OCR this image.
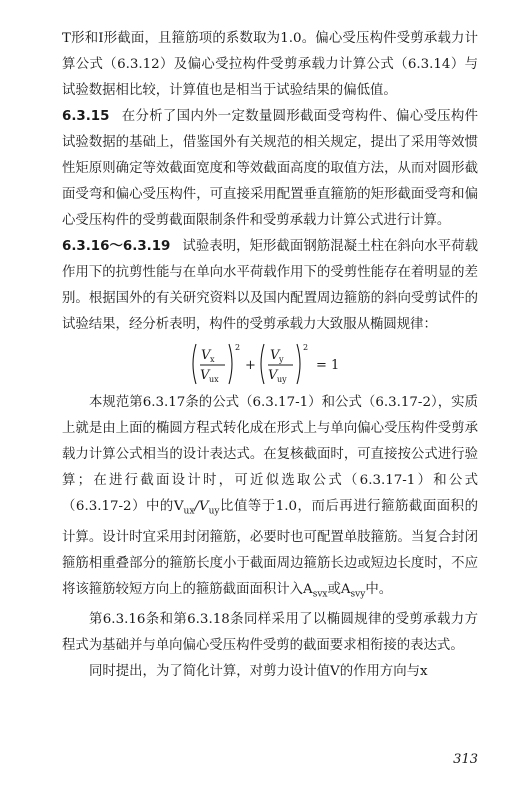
T形和I形截面，且箍筋项的系数取为1.0。偏心受压构件受剪承载力计算公式（6.3.12）及偏心受拉构件受剪承载力计算公式（6.3.14）与试验数据相比较，计算值也是相当于试验结果的偏低值。

6.3.15 在分析了国内外一定数量圆形截面受弯构件、偏心受压构件试验数据的基础上，借鉴国外有关规范的相关规定，提出了采用等效惯性矩原则确定等效截面宽度和等效截面高度的取值方法，从而对圆形截面受弯和偏心受压构件，可直接采用配置垂直箍筋的矩形截面受弯和偏心受压构件的受剪截面限制条件和受剪承载力计算公式进行计算。

6.3.16～6.3.19 试验表明，矩形截面钢筋混凝土柱在斜向水平荷载作用下的抗剪性能与在单向水平荷载作用下的受剪性能存在着明显的差别。根据国外的有关研究资料以及国内配置周边箍筋的斜向受剪试件的试验结果，经分析表明，构件的受剪承载力大致服从椭圆规律：

V x
V ux
2
+
V y
V uy
2
= 1

本规范第6.3.17条的公式（6.3.17-1）和公式（6.3.17-2），实质上就是由上面的椭圆方程式转化成在形式上与单向偏心受压构件受剪承载力计算公式相当的设计表达式。在复核截面时，可直接按公式进行验算；在进行截面设计时，可近似选取公式（6.3.17-1）和公式（6.3.17-2）中的$V_{ux}/V_{uy}$比值等于1.0，而后再进行箍筋截面面积的计算。设计时宜采用封闭箍筋，必要时也可配置单肢箍筋。当复合封闭箍筋相重叠部分的箍筋长度小于截面周边箍筋长边或短边长度时，不应将该箍筋较短方向上的箍筋截面面积计入$A_{svx}$或$A_{svy}$中。

第6.3.16条和第6.3.18条同样采用了以椭圆规律的受剪承载力方程式为基础并与单向偏心受压构件受剪的截面要求相衔接的表达式。

同时提出，为了简化计算，对剪力设计值V的作用方向与x

313
